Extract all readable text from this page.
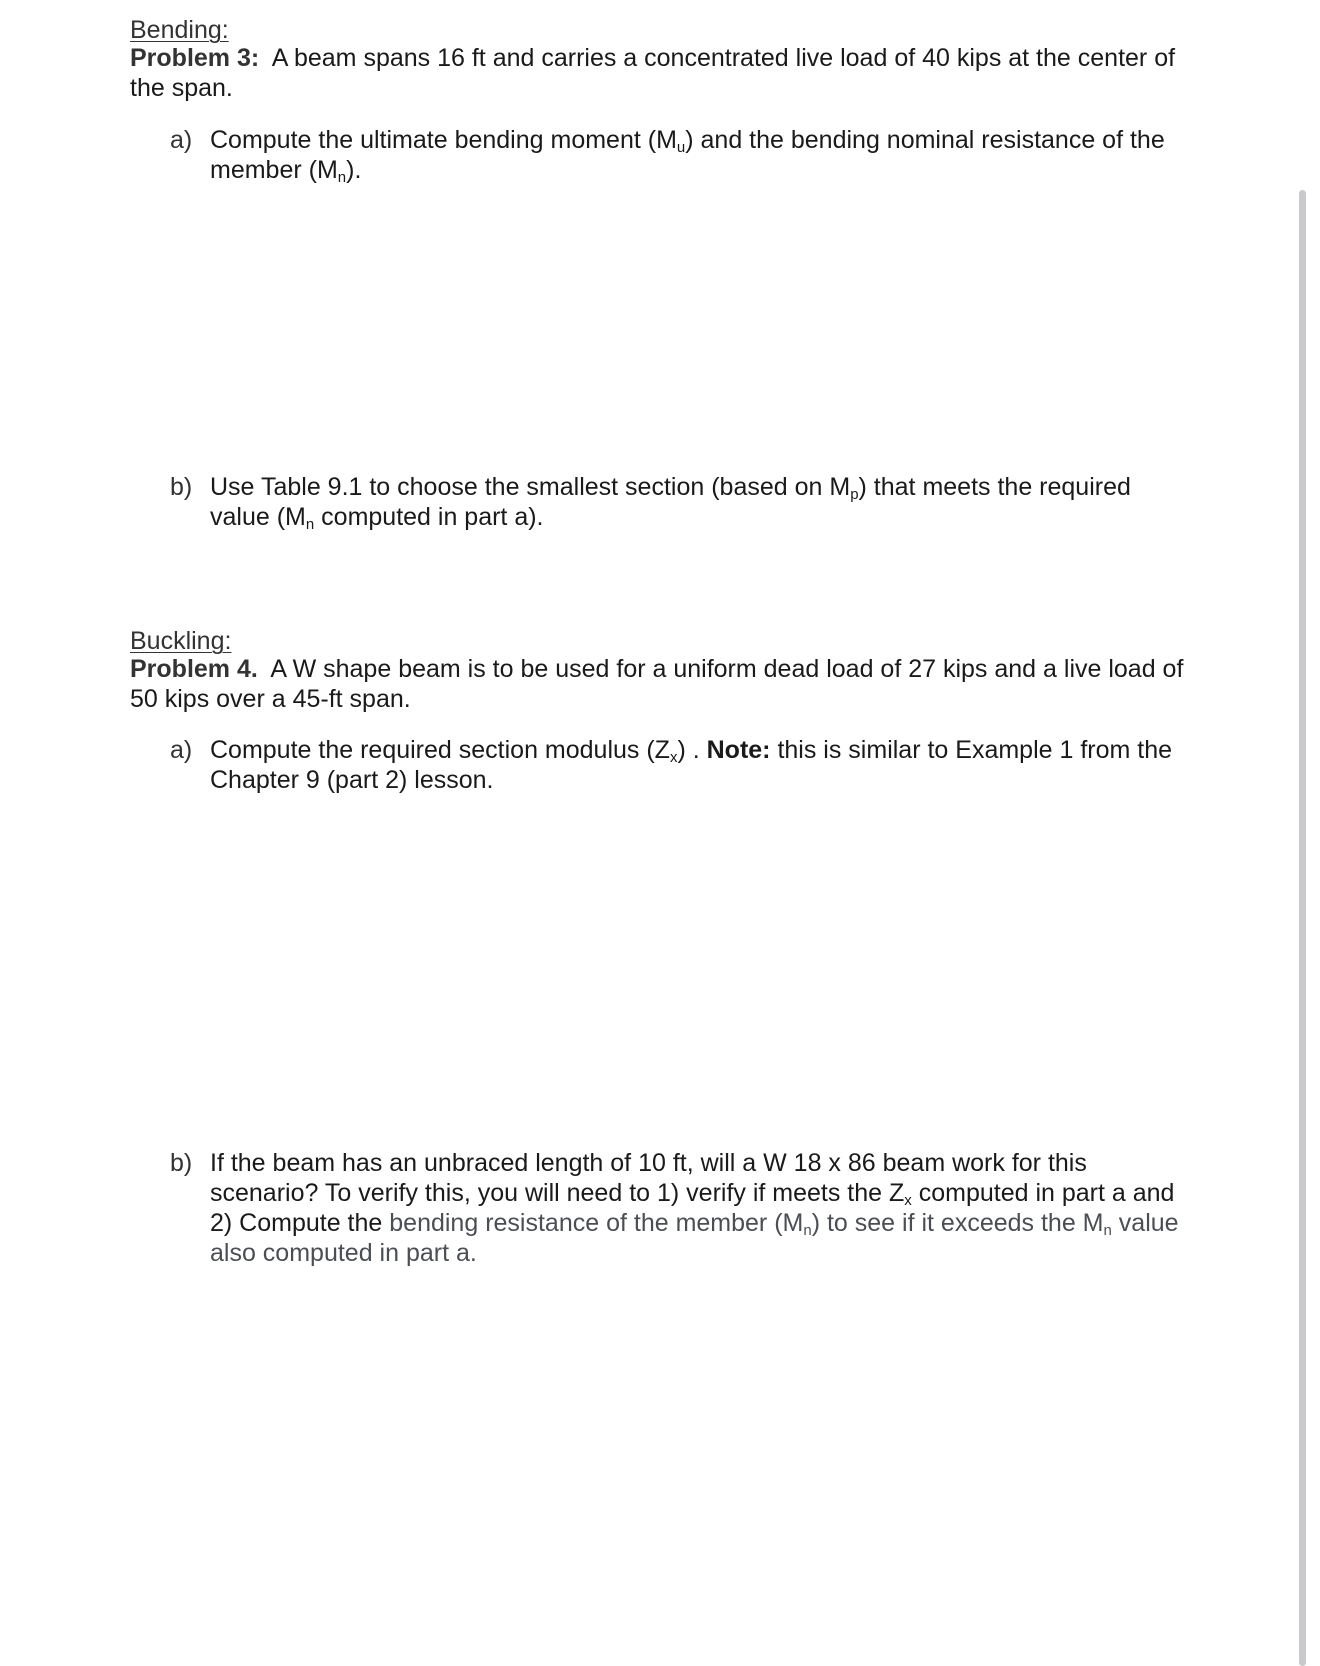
Bending:
Problem 3: A beam spans 16 ft and carries a concentrated live load of 40 kips at the center of the span.
a) Compute the ultimate bending moment $(M_u)$ and the bending nominal resistance of the member $(M_n)$.
b) Use Table 9.1 to choose the smallest section (based on $M_p$) that meets the required value ($M_n$ computed in part a).
Buckling:
Problem 4. A W shape beam is to be used for a uniform dead load of 27 kips and a live load of 50 kips over a 45-ft span.
a) Compute the required section modulus $(Z_x)$ . Note: this is similar to Example 1 from the Chapter 9 (part 2) lesson.
b) If the beam has an unbraced length of 10 ft, will a W 18 x 86 beam work for this scenario? To verify this, you will need to 1) verify if meets the $Z_x$ computed in part a and 2) Compute the bending resistance of the member $(M_n)$ to see if it exceeds the $M_n$ value also computed in part a.
